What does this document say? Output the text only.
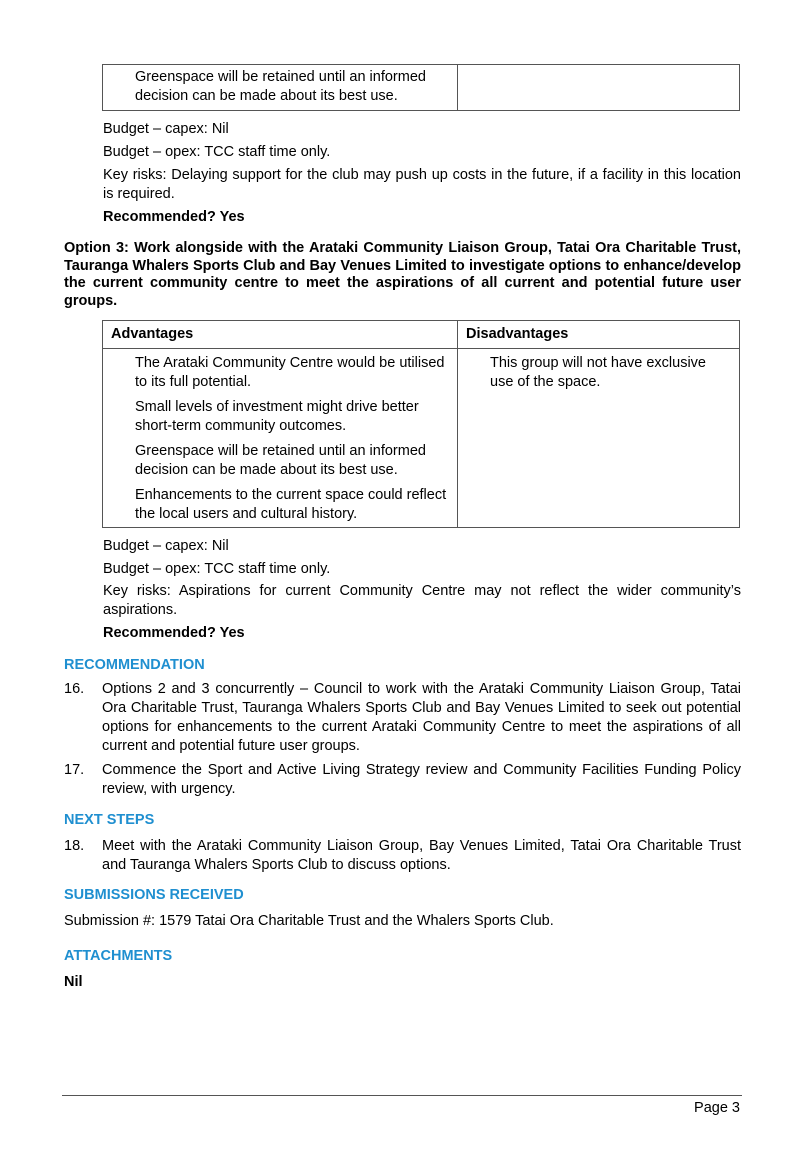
Greenspace will be retained until an informed decision can be made about its best use.

Budget – capex: Nil
Budget – opex: TCC staff time only.
Key risks: Delaying support for the club may push up costs in the future, if a facility in this location is required.
Recommended? Yes
Option 3: Work alongside with the Arataki Community Liaison Group, Tatai Ora Charitable Trust, Tauranga Whalers Sports Club and Bay Venues Limited to investigate options to enhance/develop the current community centre to meet the aspirations of all current and potential future user groups.
Advantages	Disadvantages

The Arataki Community Centre would be utilised to its full potential.
Small levels of investment might drive better short-term community outcomes.
Greenspace will be retained until an informed decision can be made about its best use.
Enhancements to the current space could reflect the local users and cultural history.	This group will not have exclusive use of the space.
Budget – capex: Nil
Budget – opex: TCC staff time only.
Key risks: Aspirations for current Community Centre may not reflect the wider community’s aspirations.
Recommended? Yes
RECOMMENDATION
16.	Options 2 and 3 concurrently – Council to work with the Arataki Community Liaison Group, Tatai Ora Charitable Trust, Tauranga Whalers Sports Club and Bay Venues Limited to seek out potential options for enhancements to the current Arataki Community Centre to meet the aspirations of all current and potential future user groups.
17.	Commence the Sport and Active Living Strategy review and Community Facilities Funding Policy review, with urgency.
NEXT STEPS
18.	Meet with the Arataki Community Liaison Group, Bay Venues Limited, Tatai Ora Charitable Trust and Tauranga Whalers Sports Club to discuss options.
SUBMISSIONS RECEIVED
Submission #: 1579 Tatai Ora Charitable Trust and the Whalers Sports Club.
ATTACHMENTS
Nil
Page 3
